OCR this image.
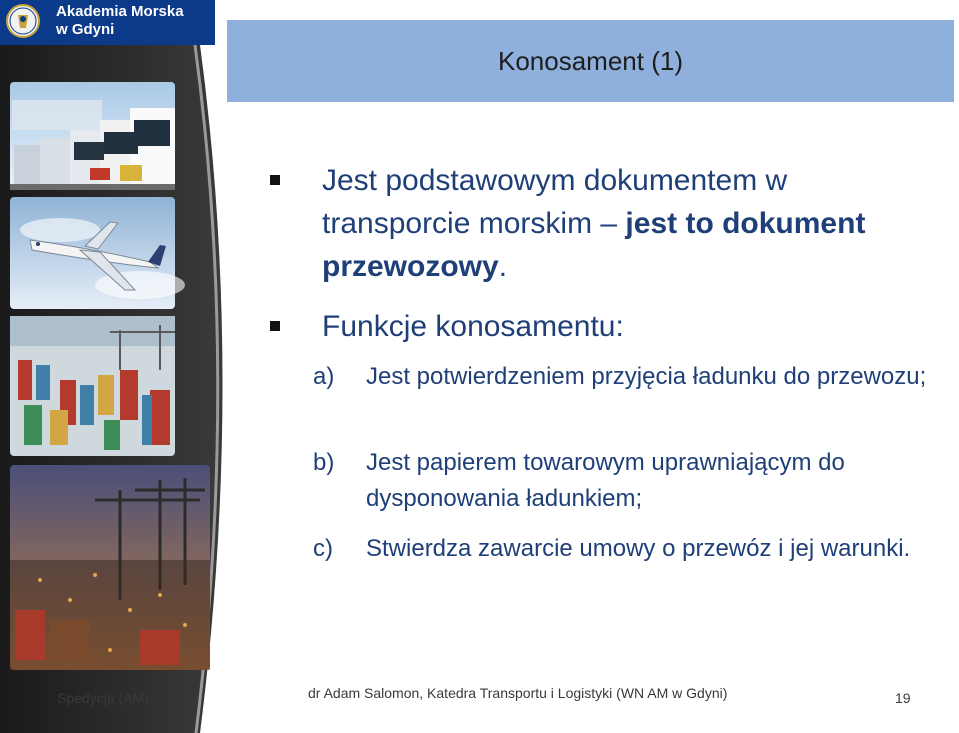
Akademia Morska
w Gdyni
Konosament (1)
Jest podstawowym dokumentem w transporcie morskim – jest to dokument przewozowy.
Funkcje konosamentu:
a) Jest potwierdzeniem przyjęcia ładunku do przewozu;
b) Jest papierem towarowym uprawniającym do dysponowania ładunkiem;
c) Stwierdza zawarcie umowy o przewóz i jej warunki.
Spedycja (AM)	dr Adam Salomon, Katedra Transportu i Logistyki (WN AM w Gdyni)	19
